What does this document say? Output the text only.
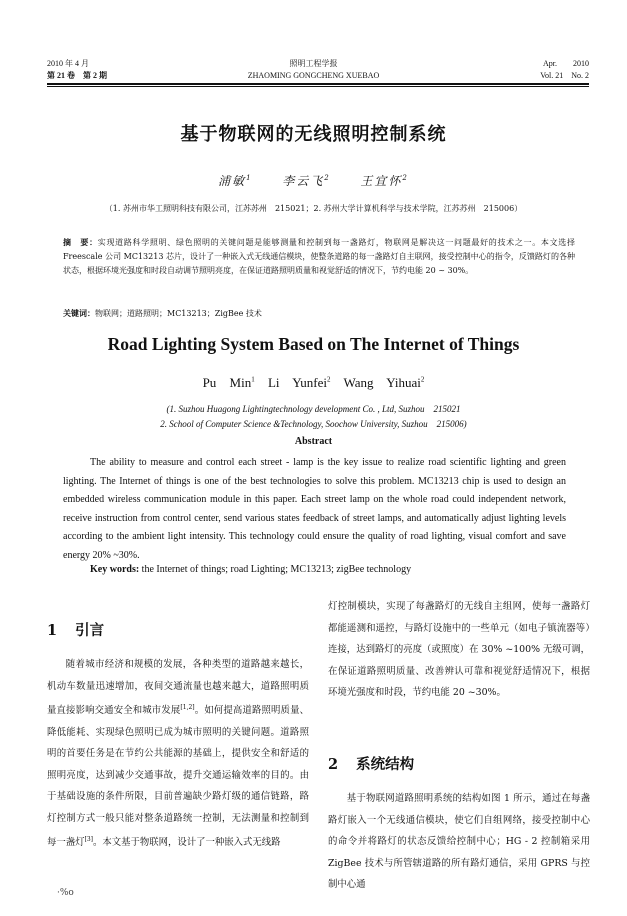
2010 年 4 月
第 21 卷　第 2 期
照明工程学报
ZHAOMING GONGCHENG XUEBAO
Apr.　　2010
Vol. 21　No. 2
基于物联网的无线照明控制系统
浦敏$^1$ 李云飞$^2$ 王宜怀$^2$
（1. 苏州市华工照明科技有限公司，江苏苏州　215021；2. 苏州大学计算机科学与技术学院，江苏苏州　215006）
摘　要：实现道路科学照明、绿色照明的关键问题是能够测量和控制到每一盏路灯，物联网是解决这一问题最好的技术之一。本文选择 Freescale 公司 MC13213 芯片，设计了一种嵌入式无线通信模块，使整条道路的每一盏路灯自主联网，接受控制中心的指令，反馈路灯的各种状态，根据环境光强度和时段自动调节照明亮度，在保证道路照明质量和视觉舒适的情况下，节约电能 20 ~ 30%。
关键词：物联网；道路照明；MC13213；ZigBee 技术
Road Lighting System Based on The Internet of Things
Pu Min$^1$ Li Yunfei$^2$ Wang Yihuai$^2$
(1. Suzhou Huagong Lightingtechnology development Co. , Ltd, Suzhou　215021
2. School of Computer Science &Technology, Soochow University, Suzhou　215006)
Abstract
The ability to measure and control each street - lamp is the key issue to realize road scientific lighting and green lighting. The Internet of things is one of the best technologies to solve this problem. MC13213 chip is used to design an embedded wireless communication module in this paper. Each street lamp on the whole road could independent network, receive instruction from control center, send various states feedback of street lamps, and automatically adjust lighting levels according to the ambient light intensity. This technology could ensure the quality of road lighting, visual comfort and save energy 20% ~30%.
Key words: the Internet of things; road Lighting; MC13213; zigBee technology
1 引言

随着城市经济和规模的发展，各种类型的道路越来越长，机动车数量迅速增加，夜间交通流量也越来越大，道路照明质量直接影响交通安全和城市发展[1,2]。如何提高道路照明质量、降低能耗、实现绿色照明已成为城市照明的关键问题。道路照明的首要任务是在节约公共能源的基础上，提供安全和舒适的照明亮度，达到减少交通事故，提升交通运输效率的目的。由于基础设施的条件所限，目前普遍缺少路灯级的通信链路，路灯控制方式一般只能对整条道路统一控制，无法测量和控制到每一盏灯[3]。本文基于物联网，设计了一种嵌入式无线路

灯控制模块，实现了每盏路灯的无线自主组网，使每一盏路灯都能遥测和遥控，与路灯设施中的一些单元（如电子镇流器等）连接，达到路灯的亮度（或照度）在 30% ~100% 无级可调，在保证道路照明质量、改善辨认可靠和视觉舒适情况下，根据环境光强度和时段，节约电能 20 ~30%。

2 系统结构

基于物联网道路照明系统的结构如图 1 所示，通过在每盏路灯嵌入一个无线通信模块，使它们自组网络，接受控制中心的命令并将路灯的状态反馈给控制中心；HG - 2 控制箱采用 ZigBee 技术与所管辖道路的所有路灯通信，采用 GPRS 与控制中心通

·%o
